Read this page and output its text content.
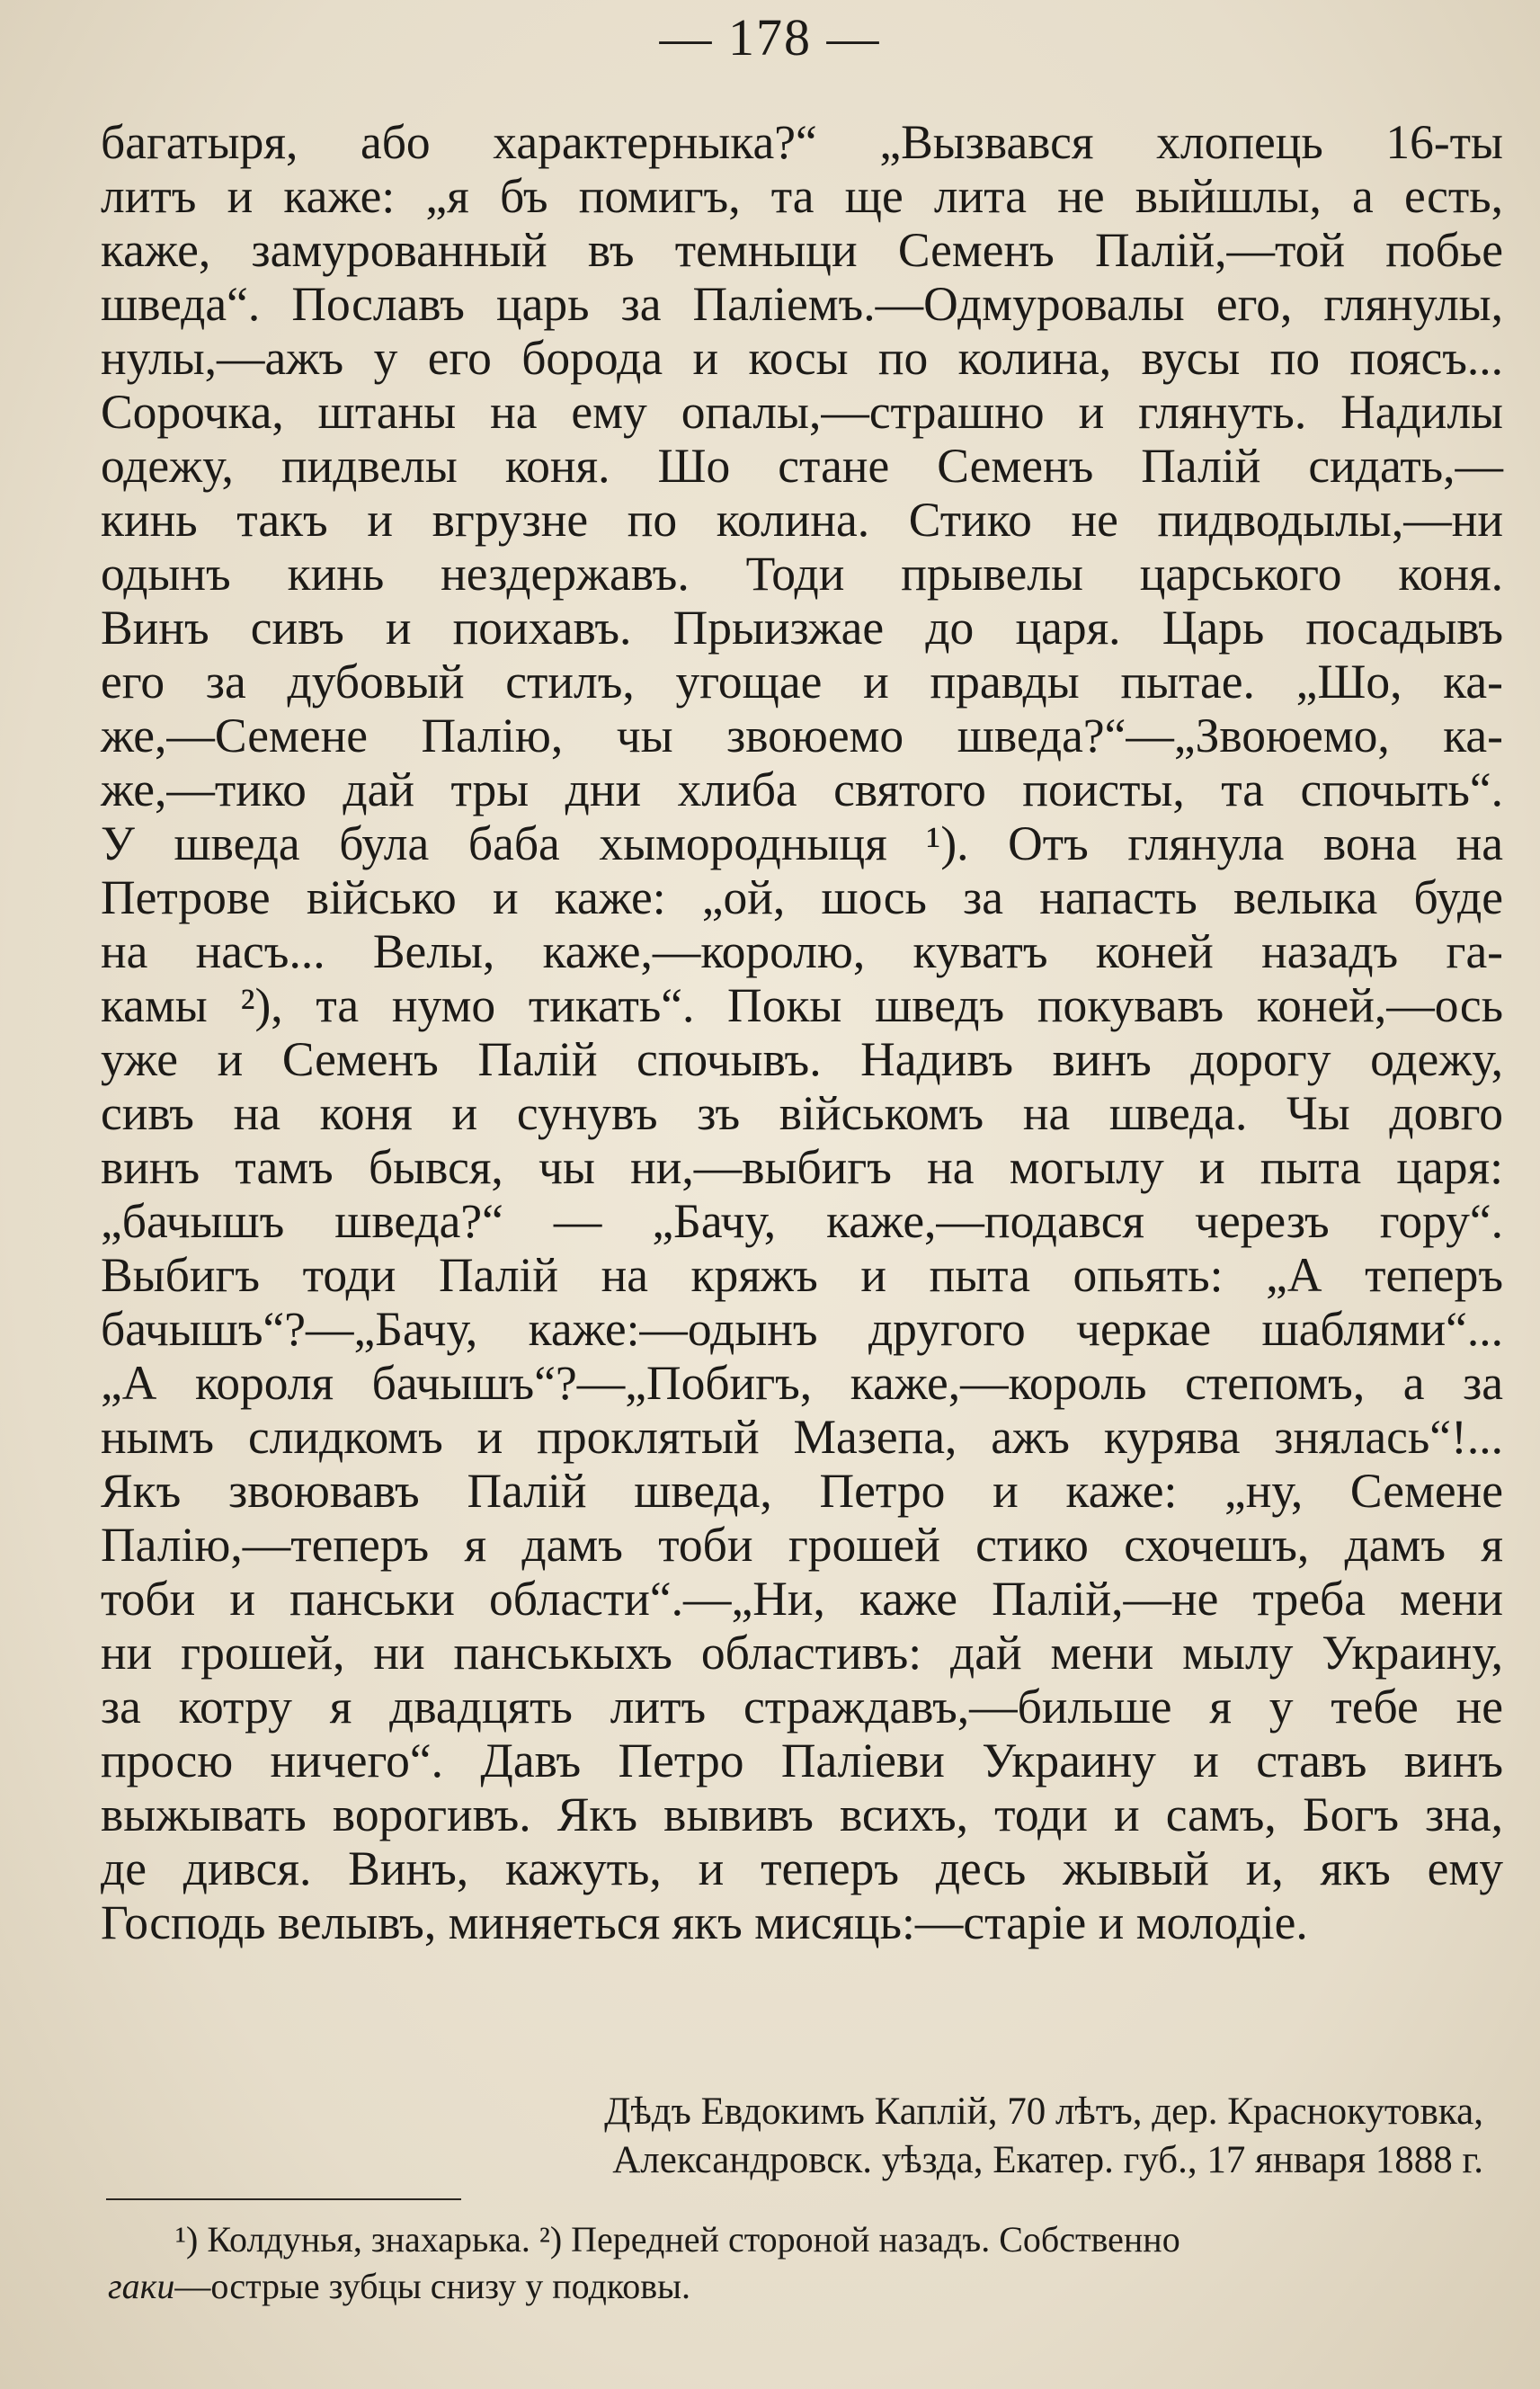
— 178 —
багатыря, або характерныка?“ „Вызвався хлопець 16-ты
литъ и каже: „я бъ помигъ, та ще лита не выйшлы, а есть,
каже, замурованный въ темныци Семенъ Палій,—той побье
шведа“. Пославъ царь за Паліемъ.—Одмуровалы его, глянулы,
нулы,—ажъ у его борода и косы по колина, вусы по поясъ...
Сорочка, штаны на ему опалы,—страшно и глянуть. Надилы
одежу, пидвелы коня. Шо стане Семенъ Палій сидать,—
кинь такъ и вгрузне по колина. Стико не пидводылы,—ни
одынъ кинь нездержавъ. Тоди прывелы царського коня.
Винъ сивъ и поихавъ. Прыизжае до царя. Царь посадывъ
его за дубовый стилъ, угощае и правды пытае. „Шо, ка-
же,—Семене Палію, чы звоюемо шведа?“—„Звоюемо, ка-
же,—тико дай тры дни хлиба святого поисты, та спочыть“.
У шведа була баба хымородныця ¹). Отъ глянула вона на
Петрове військо и каже: „ой, шось за напасть велыка буде
на насъ... Велы, каже,—королю, куватъ коней назадъ га-
камы ²), та нумо тикать“. Покы шведъ покувавъ коней,—ось
уже и Семенъ Палій спочывъ. Надивъ винъ дорогу одежу,
сивъ на коня и сунувъ зъ військомъ на шведа. Чы довго
винъ тамъ бывся, чы ни,—выбигъ на могылу и пыта царя:
„бачышъ шведа?“ — „Бачу, каже,—подався черезъ гору“.
Выбигъ тоди Палій на кряжъ и пыта опьять: „А теперъ
бачышъ“?—„Бачу, каже:—одынъ другого черкае шаблями“...
„А короля бачышъ“?—„Побигъ, каже,—король степомъ, а за
нымъ слидкомъ и проклятый Мазепа, ажъ курява знялась“!...
Якъ звоювавъ Палій шведа, Петро и каже: „ну, Семене
Палію,—теперъ я дамъ тоби грошей стико схочешъ, дамъ я
тоби и панськи области“.—„Ни, каже Палій,—не треба мени
ни грошей, ни панськыхъ областивъ: дай мени мылу Украину,
за котру я двадцять литъ страждавъ,—бильше я у тебе не
просю ничего“. Давъ Петро Паліеви Украину и ставъ винъ
выжывать ворогивъ. Якъ вывивъ всихъ, тоди и самъ, Богъ зна,
де дився. Винъ, кажуть, и теперъ десь жывый и, якъ ему
Господь велывъ, миняеться якъ мисяць:—старіе и молодіе.
Дѣдъ Евдокимъ Каплій, 70 лѣтъ, дер. Краснокутовка,
Александровск. уѣзда, Екатер. губ., 17 января 1888 г.
¹) Колдунья, знахарька. ²) Передней стороной назадъ. Собственно
гаки—острые зубцы снизу у подковы.
